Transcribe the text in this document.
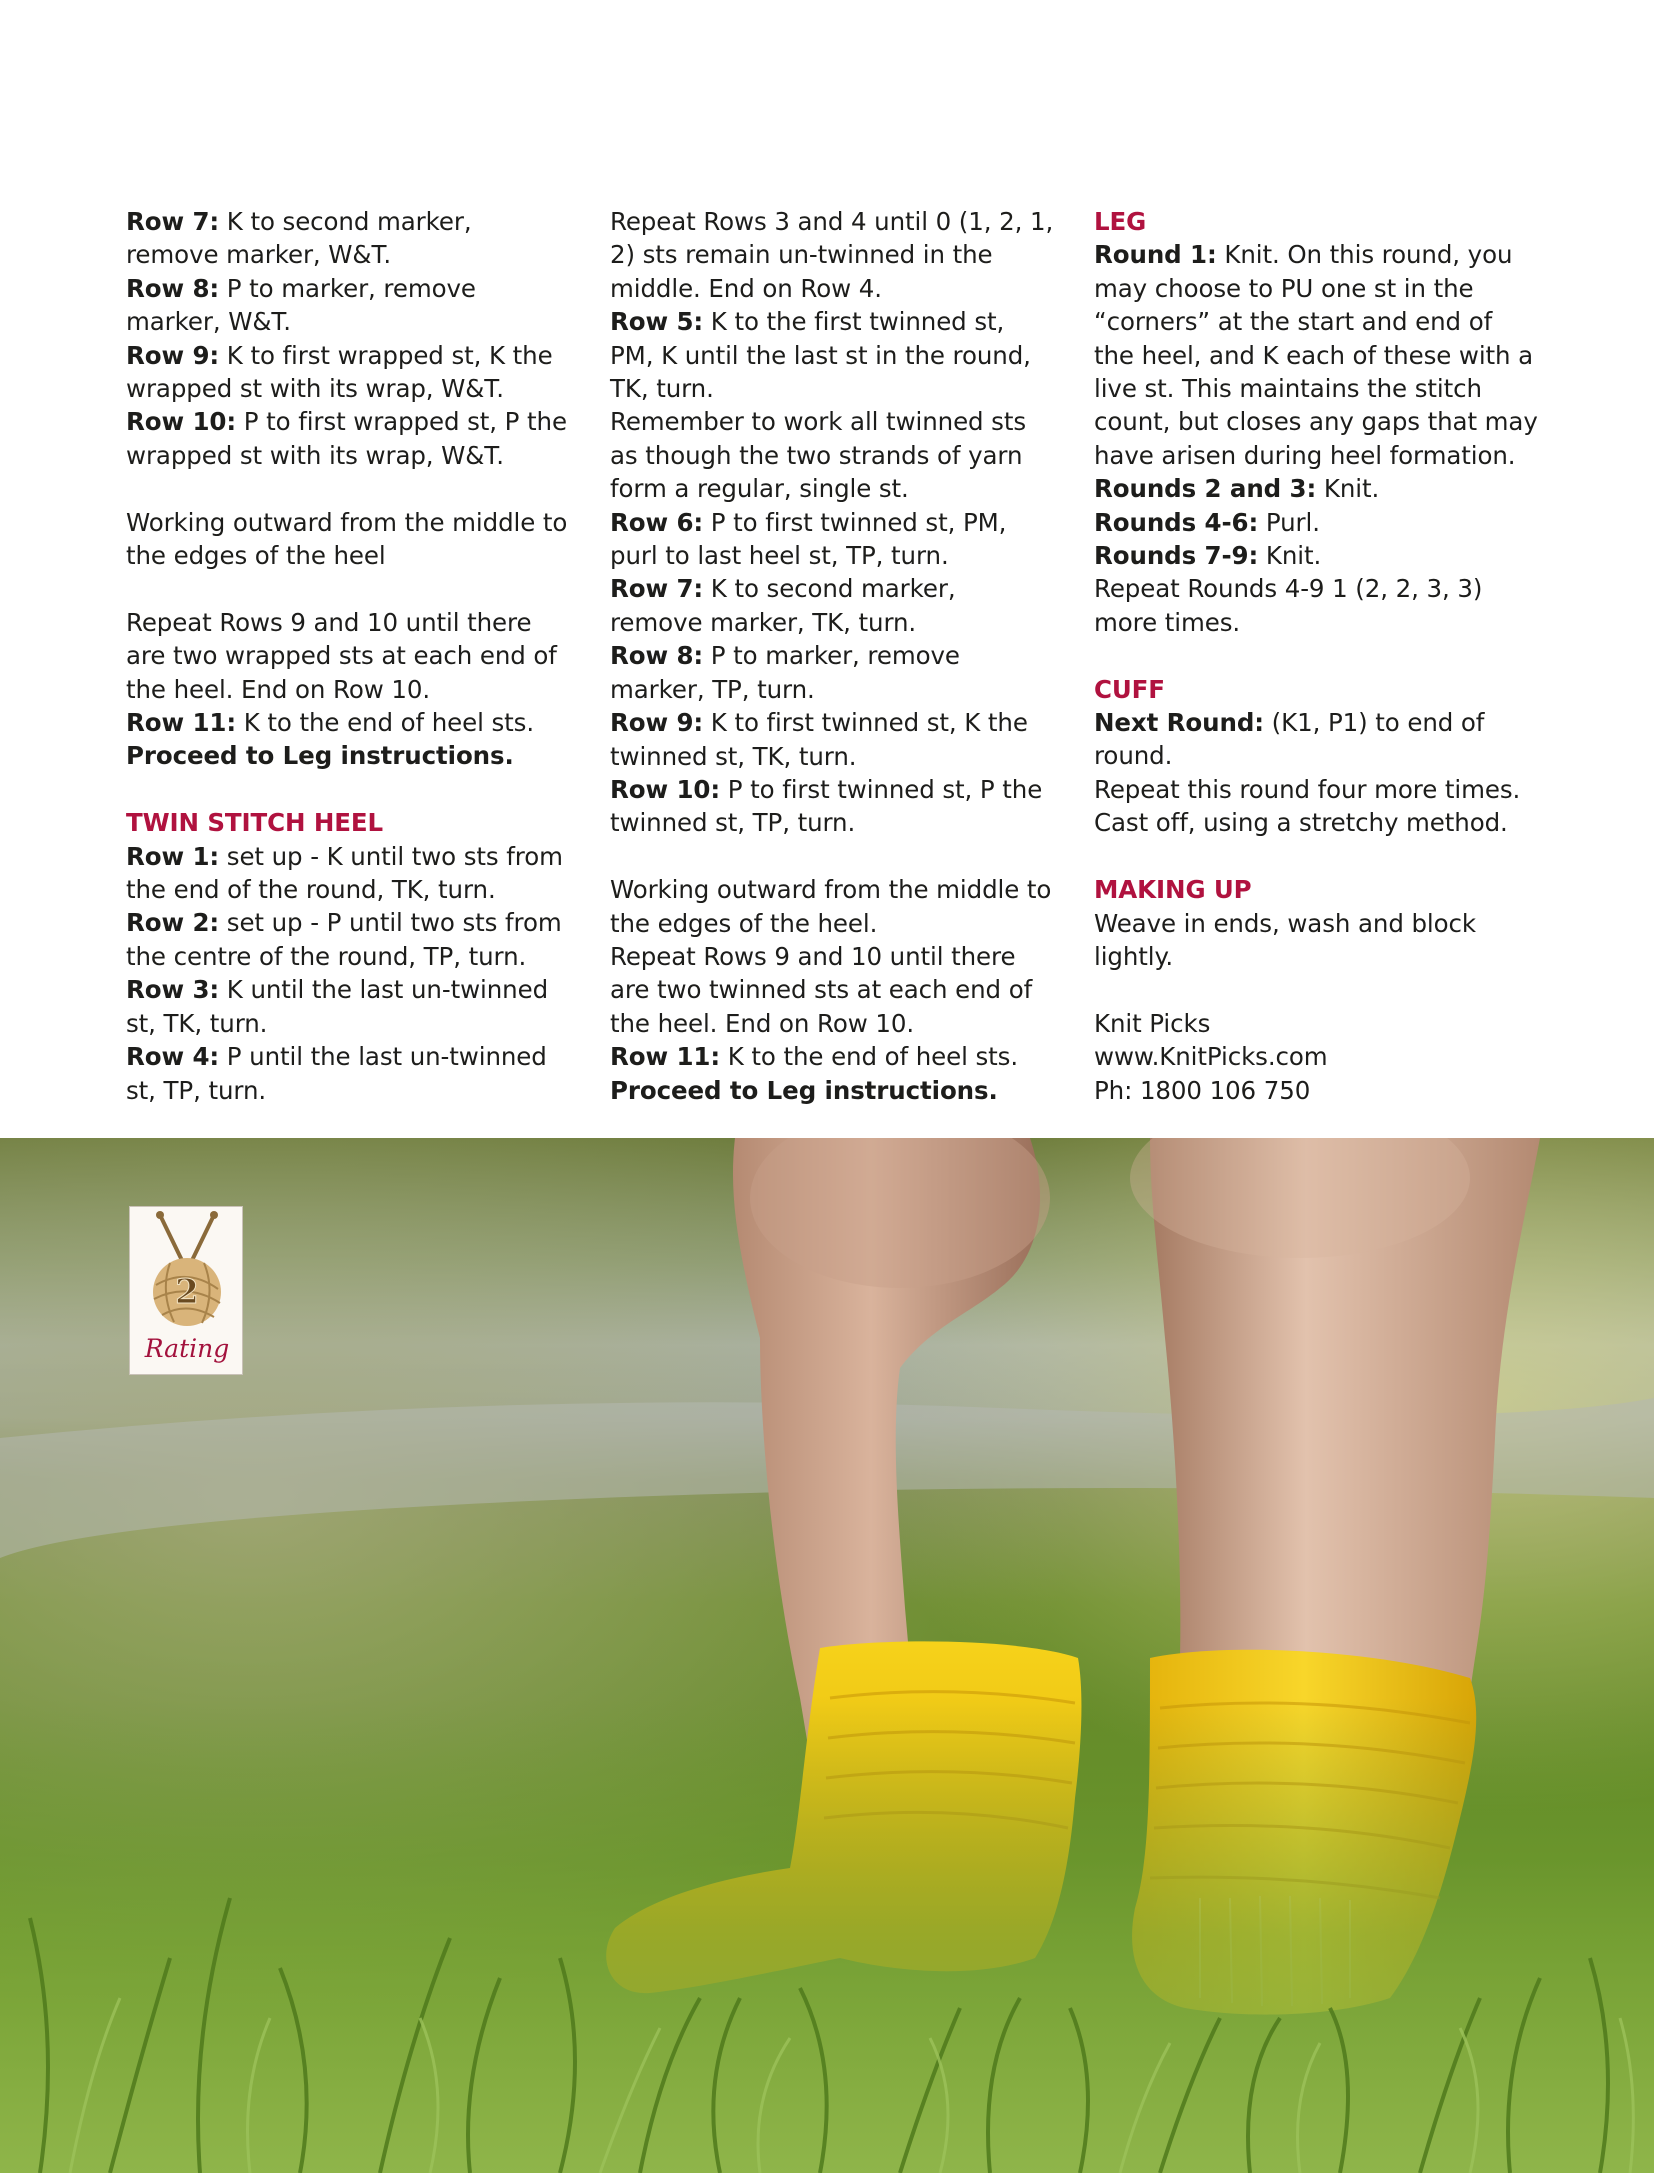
Row 7: K to second marker, remove marker, W&T.

Row 8: P to marker, remove marker, W&T.

Row 9: K to first wrapped st, K the wrapped st with its wrap, W&T.

Row 10: P to first wrapped st, P the wrapped st with its wrap, W&T.

Working outward from the middle to the edges of the heel

Repeat Rows 9 and 10 until there are two wrapped sts at each end of the heel. End on Row 10.

Row 11: K to the end of heel sts.

Proceed to Leg instructions.

TWIN STITCH HEEL

Row 1: set up - K until two sts from the end of the round, TK, turn.

Row 2: set up - P until two sts from the centre of the round, TP, turn.

Row 3: K until the last un-twinned st, TK, turn.

Row 4: P until the last un-twinned st, TP, turn.

Repeat Rows 3 and 4 until 0 (1, 2, 1, 2) sts remain un-twinned in the middle. End on Row 4.

Row 5: K to the first twinned st, PM, K until the last st in the round, TK, turn.

Remember to work all twinned sts as though the two strands of yarn form a regular, single st.

Row 6: P to first twinned st, PM, purl to last heel st, TP, turn.

Row 7: K to second marker, remove marker, TK, turn.

Row 8: P to marker, remove marker, TP, turn.

Row 9: K to first twinned st, K the twinned st, TK, turn.

Row 10: P to first twinned st, P the twinned st, TP, turn.

Working outward from the middle to the edges of the heel.

Repeat Rows 9 and 10 until there are two twinned sts at each end of the heel. End on Row 10.

Row 11: K to the end of heel sts.

Proceed to Leg instructions.

LEG

Round 1: Knit. On this round, you may choose to PU one st in the “corners” at the start and end of the heel, and K each of these with a live st. This maintains the stitch count, but closes any gaps that may have arisen during heel formation.

Rounds 2 and 3: Knit.

Rounds 4-6: Purl.

Rounds 7-9: Knit.

Repeat Rounds 4-9 1 (2, 2, 3, 3) more times.

CUFF

Next Round: (K1, P1) to end of round.

Repeat this round four more times.

Cast off, using a stretchy method.

MAKING UP

Weave in ends, wash and block lightly.

Knit Picks

www.KnitPicks.com

Ph: 1800 106 750

2
Rating
